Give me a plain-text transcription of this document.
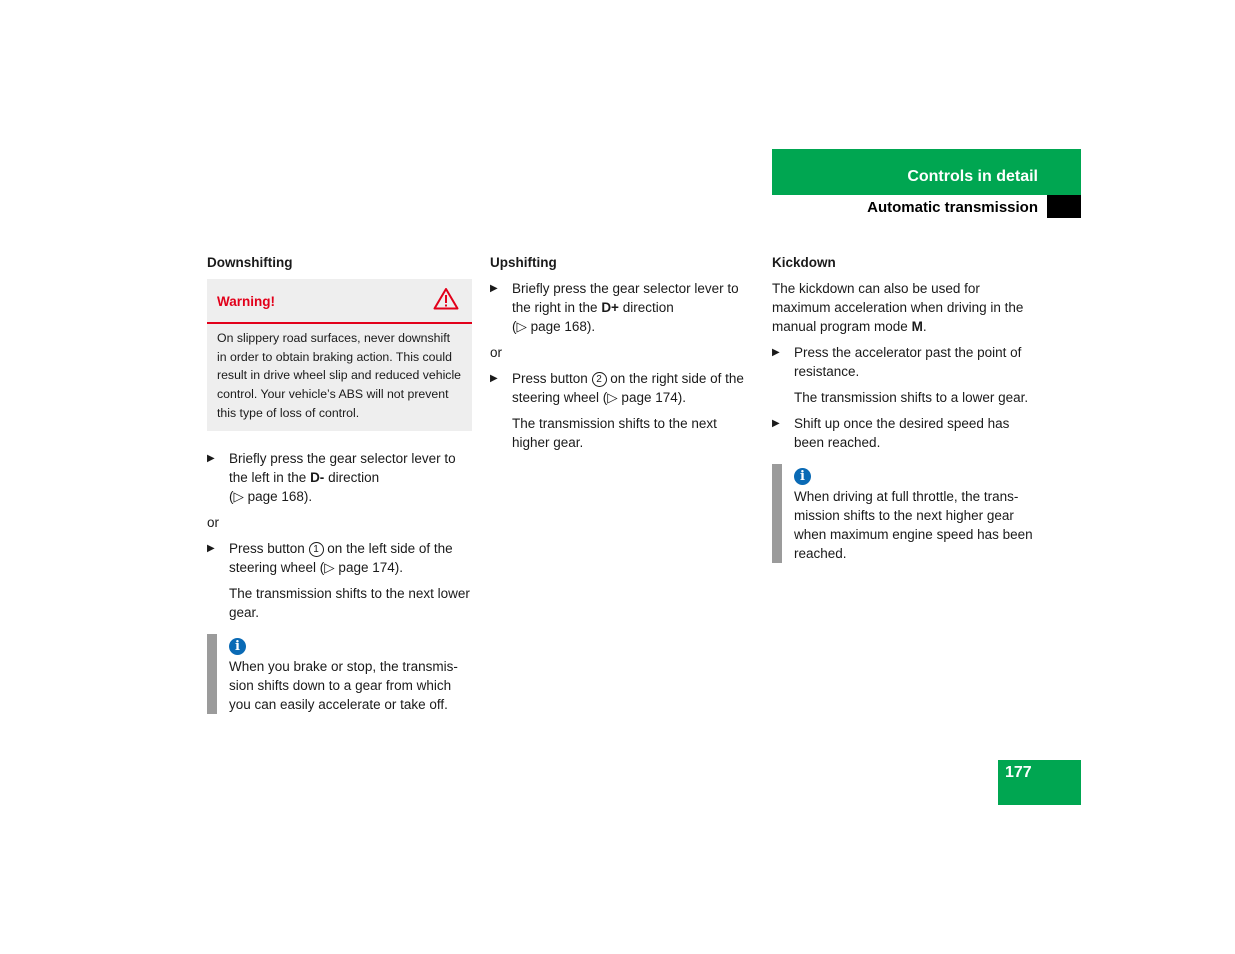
Controls in detail
Automatic transmission
Downshifting
Warning!
On slippery road surfaces, never downshift in order to obtain braking action. This could result in drive wheel slip and reduced vehicle control. Your vehicle’s ABS will not prevent this type of loss of control.
▶ Briefly press the gear selector lever to the left in the D- direction
(▷ page 168).

or

▶ Press button 1 on the left side of the steering wheel (▷ page 174).

The transmission shifts to the next lower gear.

i
When you brake or stop, the transmission shifts down to a gear from which you can easily accelerate or take off.
Upshifting
▶ Briefly press the gear selector lever to the right in the D+ direction
(▷ page 168).

or

▶ Press button 2 on the right side of the steering wheel (▷ page 174).

The transmission shifts to the next higher gear.

Kickdown

The kickdown can also be used for maximum acceleration when driving in the manual program mode M.

▶ Press the accelerator past the point of resistance.

The transmission shifts to a lower gear.

▶ Shift up once the desired speed has been reached.
i
When driving at full throttle, the transmission shifts to the next higher gear when maximum engine speed has been reached.
177
